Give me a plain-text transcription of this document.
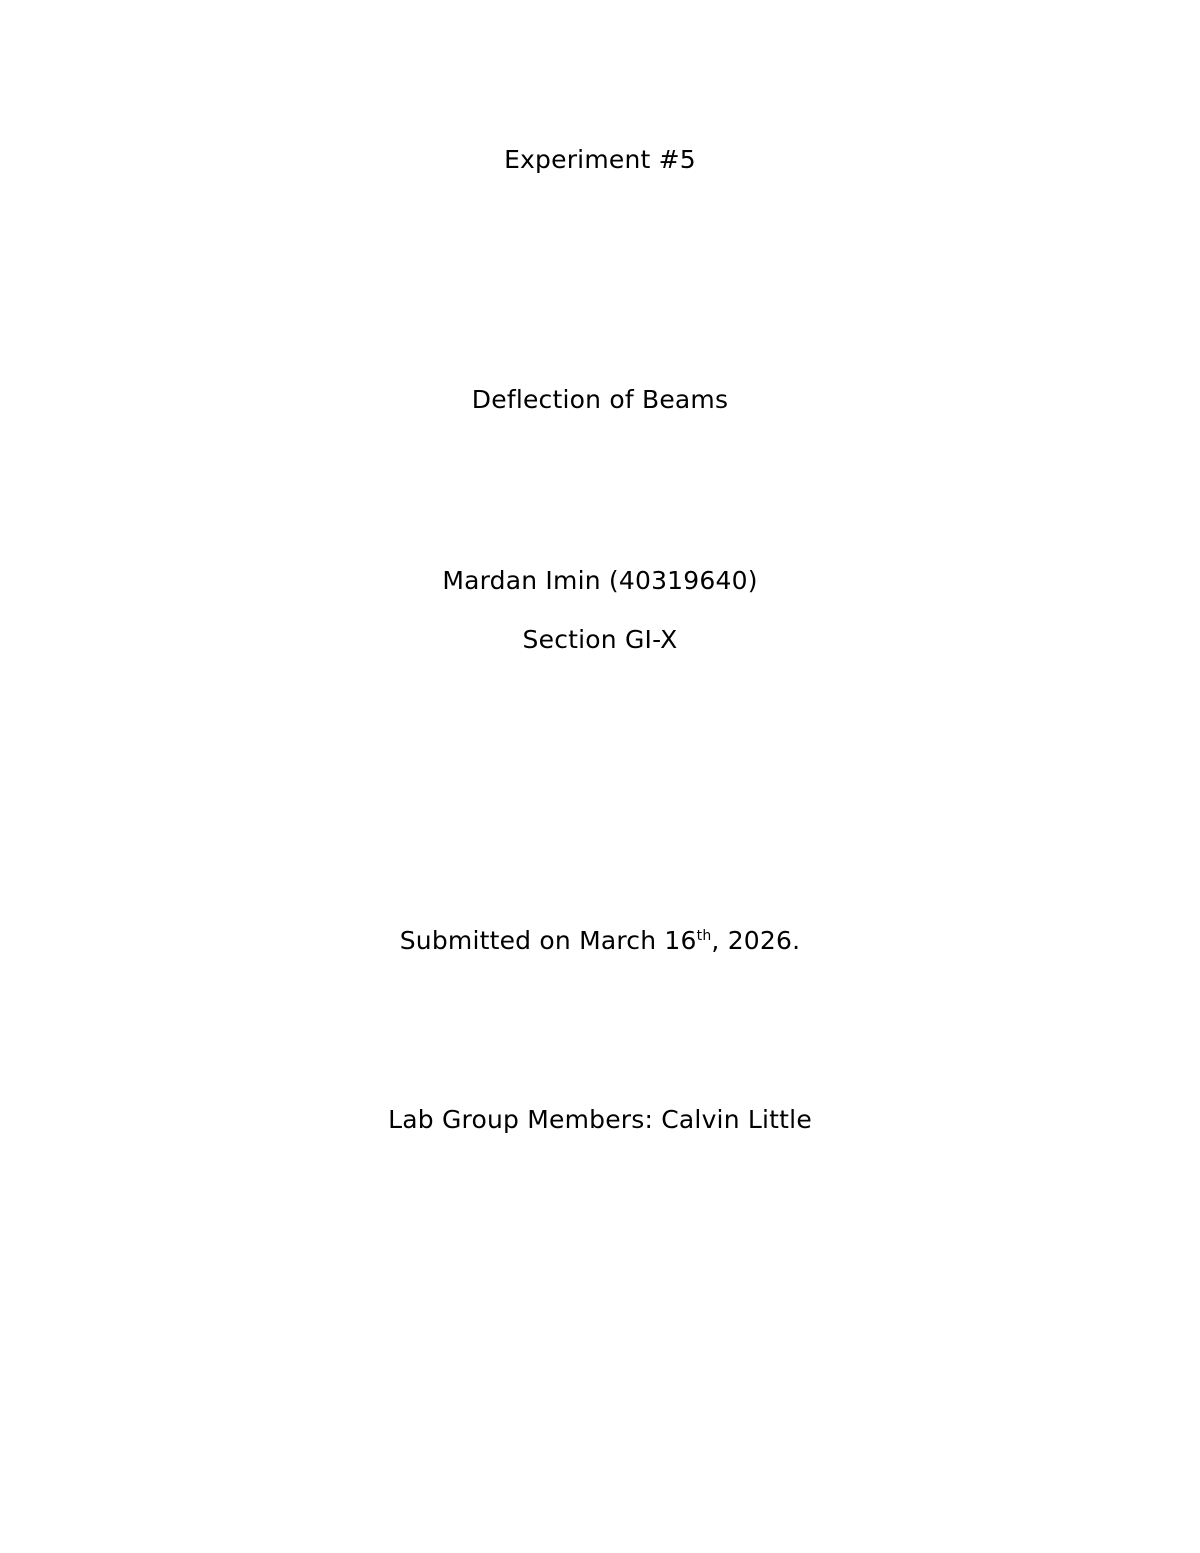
Experiment #5
Deflection of Beams
Mardan Imin (40319640)
Section GI-X
Submitted on March 16th, 2026.
Lab Group Members: Calvin Little
